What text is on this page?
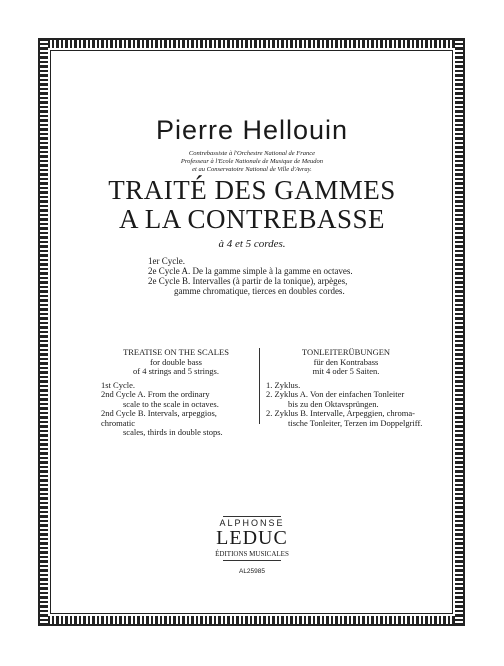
Pierre Hellouin
Contrebassiste à l'Orchestre National de France
Professeur à l'Ecole Nationale de Musique de Meudon
et au Conservatoire National de Ville d'Avray.
TRAITÉ DES GAMMES
A LA CONTREBASSE
à 4 et 5 cordes.
1er Cycle.
2e Cycle A. De la gamme simple à la gamme en octaves.
2e Cycle B. Intervalles (à partir de la tonique), arpèges,
gamme chromatique, tierces en doubles cordes.
TREATISE ON THE SCALES
for double bass
of 4 strings and 5 strings.
1st Cycle.
2nd Cycle A. From the ordinary
scale to the scale in octaves.
2nd Cycle B. Intervals, arpeggios, chromatic
scales, thirds in double stops.
TONLEITERÜBUNGEN
für den Kontrabass
mit 4 oder 5 Saiten.
1. Zyklus.
2. Zyklus A. Von der einfachen Tonleiter
bis zu den Oktavsprüngen.
2. Zyklus B. Intervalle, Arpeggien, chroma-
tische Tonleiter, Terzen im Doppelgriff.
ALPHONSE
LEDUC
ÉDITIONS MUSICALES
AL25985
